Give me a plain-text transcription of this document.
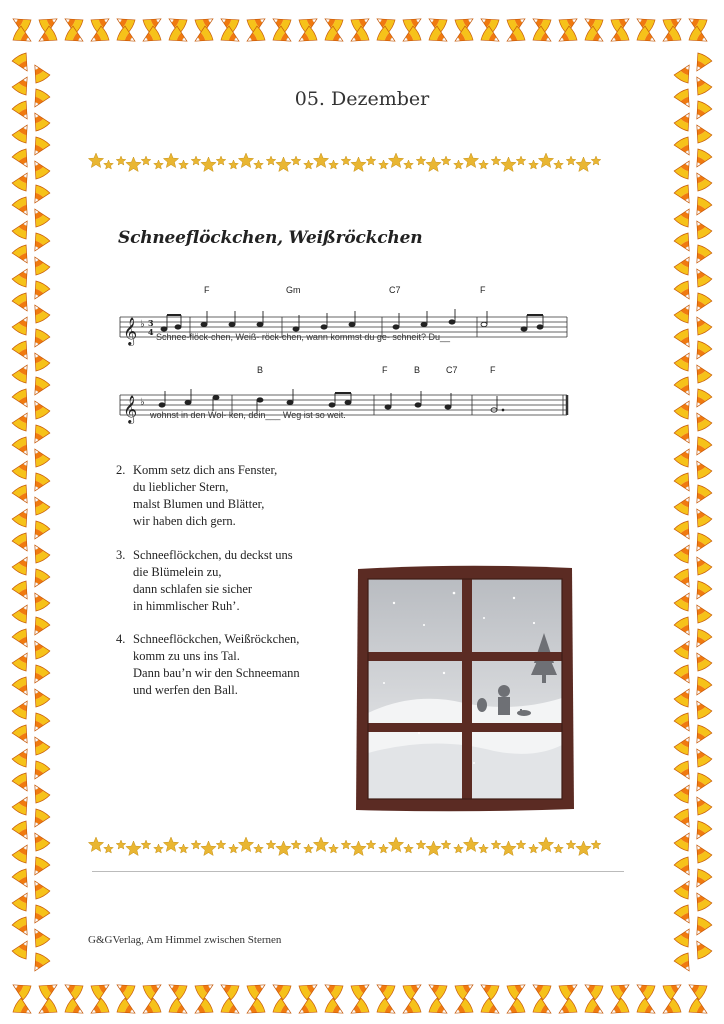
05. Dezember
Schneeflöckchen, Weißröckchen
F	Gm	C7	F
𝄞 ♭ 3
4 Schnee-flöck-chen, Weiß- röck-chen, wann kommst du ge- schneit? Du__
B	F	B	C7	F
𝄞 ♭
wohnst in den Wol- ken, dein___ Weg ist so weit.
2. Komm setz dich ans Fenster,
du lieblicher Stern,
malst Blumen und Blätter,
wir haben dich gern.
3. Schneeflöckchen, du deckst uns
die Blümelein zu,
dann schlafen sie sicher
in himmlischer Ruh’.
4. Schneeflöckchen, Weißröckchen,
komm zu uns ins Tal.
Dann bau’n wir den Schneemann
und werfen den Ball.
G&GVerlag, Am Himmel zwischen Sternen
